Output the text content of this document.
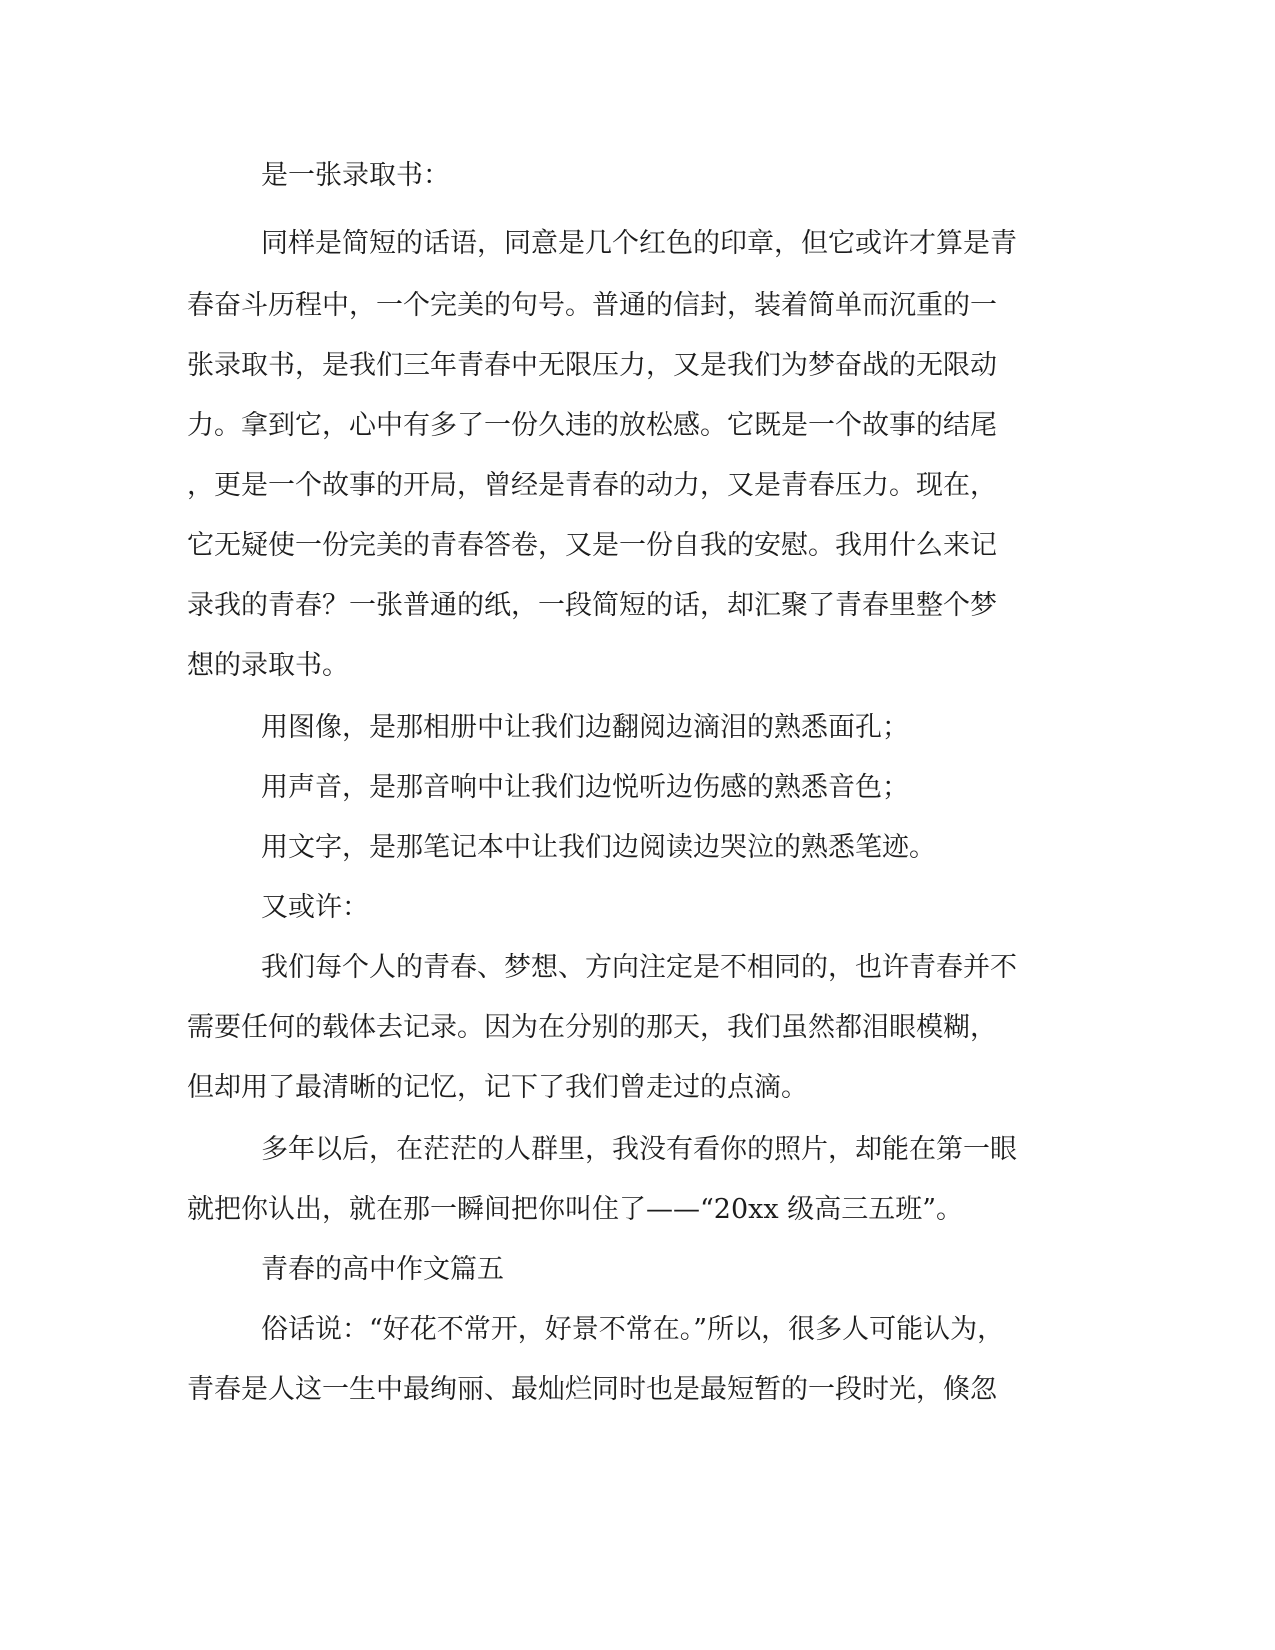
是一张录取书：
同样是简短的话语，同意是几个红色的印章，但它或许才算是青
春奋斗历程中，一个完美的句号。普通的信封，装着简单而沉重的一
张录取书，是我们三年青春中无限压力，又是我们为梦奋战的无限动
力。拿到它，心中有多了一份久违的放松感。它既是一个故事的结尾
，更是一个故事的开局，曾经是青春的动力，又是青春压力。现在，
它无疑使一份完美的青春答卷，又是一份自我的安慰。我用什么来记
录我的青春？一张普通的纸，一段简短的话，却汇聚了青春里整个梦
想的录取书。
用图像，是那相册中让我们边翻阅边滴泪的熟悉面孔；
用声音，是那音响中让我们边悦听边伤感的熟悉音色；
用文字，是那笔记本中让我们边阅读边哭泣的熟悉笔迹。
又或许：
我们每个人的青春、梦想、方向注定是不相同的，也许青春并不
需要任何的载体去记录。因为在分别的那天，我们虽然都泪眼模糊，
但却用了最清晰的记忆，记下了我们曾走过的点滴。
多年以后，在茫茫的人群里，我没有看你的照片，却能在第一眼
就把你认出，就在那一瞬间把你叫住了——“20xx 级高三五班”。
青春的高中作文篇五
俗话说：“好花不常开，好景不常在。”所以，很多人可能认为，
青春是人这一生中最绚丽、最灿烂同时也是最短暂的一段时光，倏忽
